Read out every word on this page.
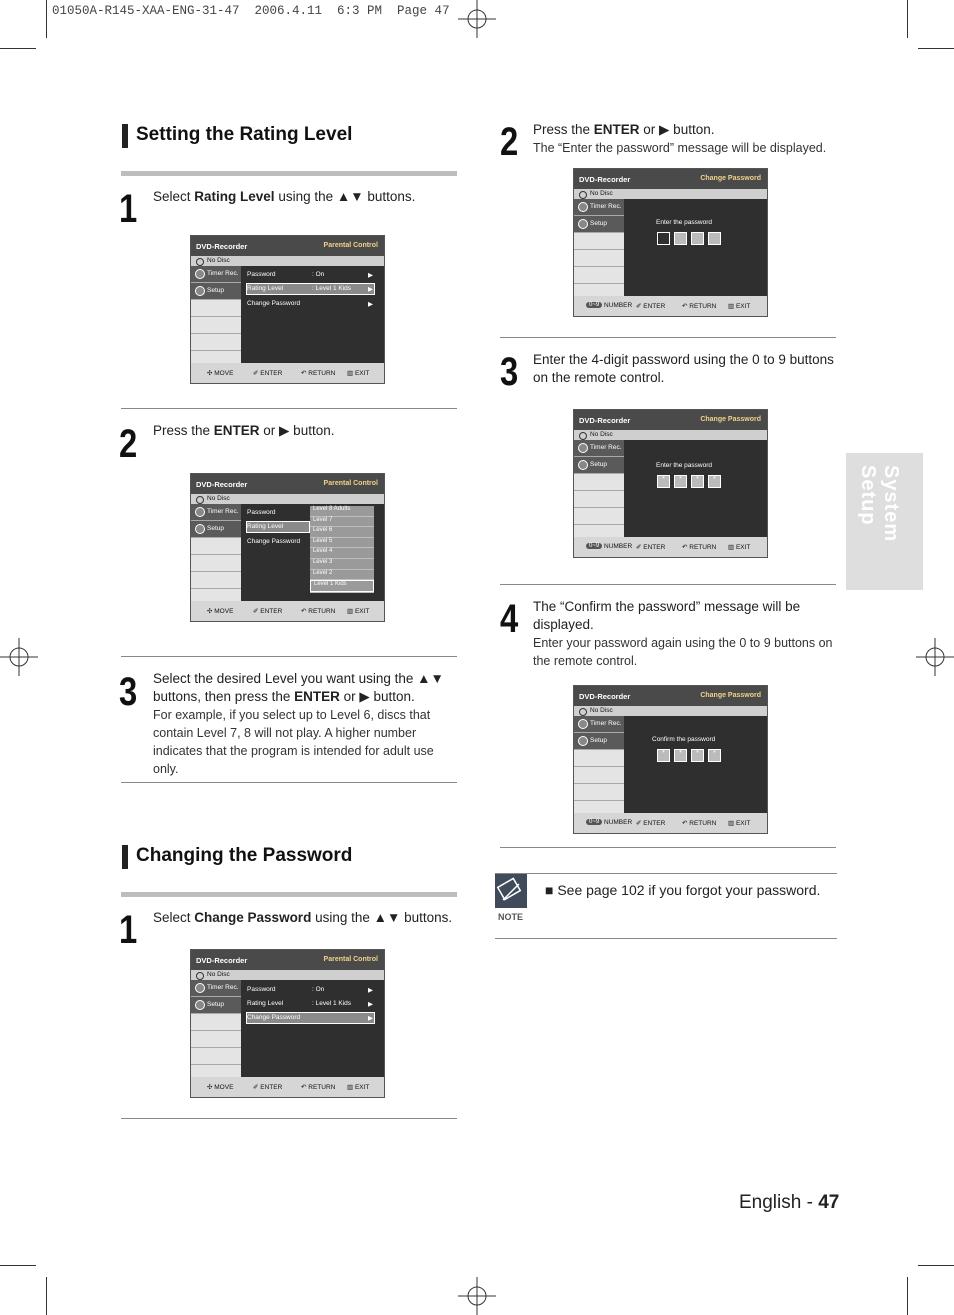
01050A-R145-XAA-ENG-31-47  2006.4.11  6:3 PM  Page 47
System Setup
Setting the Rating Level
1 Select Rating Level using the ▲▼ buttons.
DVD-Recorder	Parental Control
No Disc
Timer Rec.
Setup
Password	: On	▶
Rating Level	: Level 1 Kids	▶
Change Password	▶
✣ MOVE	✐ ENTER	↶ RETURN ▥ EXIT
2 Press the ENTER or ▶ button.
DVD-Recorder	Parental Control
No Disc
Timer Rec.
Setup
Password
Rating Level
Change Password
Level 8 Adults
Level 7
Level 6
Level 5
Level 4
Level 3
Level 2
Level 1 Kids
✣ MOVE	✐ ENTER	↶ RETURN ▥ EXIT
3 Select the desired Level you want using the ▲▼ buttons, then press the ENTER or ▶ button.
For example, if you select up to Level 6, discs that contain Level 7, 8 will not play. A higher number indicates that the program is intended for adult use only.
Changing the Password
1 Select Change Password using the ▲▼ buttons.
DVD-Recorder	Parental Control
No Disc
Timer Rec.
Setup
Password	: On	▶
Rating Level	: Level 1 Kids	▶
Change Password	▶
✣ MOVE	✐ ENTER	↶ RETURN ▥ EXIT
2 Press the ENTER or ▶ button.
The “Enter the password” message will be displayed.
DVD-Recorder	Change Password
No Disc
Timer Rec.
Setup	Enter the password
0~9 NUMBER ✐ ENTER	↶ RETURN ▥ EXIT
3 Enter the 4-digit password using the 0 to 9 buttons on the remote control.
DVD-Recorder	Change Password
No Disc
Timer Rec.
Setup	Enter the password
*	*	*	*
0~9 NUMBER ✐ ENTER	↶ RETURN ▥ EXIT
4 The “Confirm the password” message will be displayed.
Enter your password again using the 0 to 9 buttons on the remote control.
DVD-Recorder	Change Password
No Disc
Timer Rec.
Setup	Confirm the password
*	*	*	*
0~9 NUMBER ✐ ENTER	↶ RETURN ▥ EXIT
NOTE
■ See page 102 if you forgot your password.
English - 47
